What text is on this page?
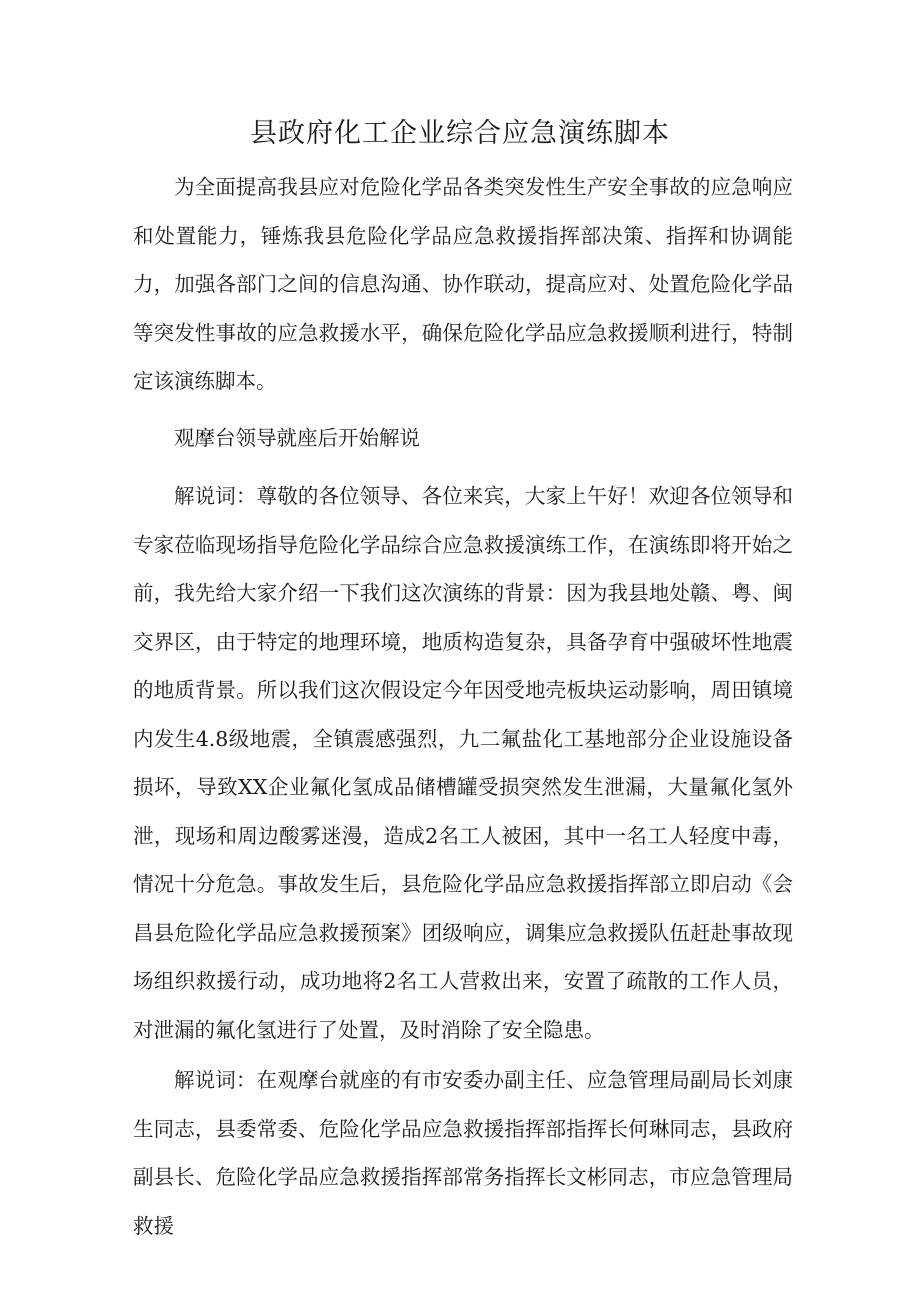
县政府化工企业综合应急演练脚本

为全面提高我县应对危险化学品各类突发性生产安全事故的应急响应和处置能力，锤炼我县危险化学品应急救援指挥部决策、指挥和协调能力，加强各部门之间的信息沟通、协作联动，提高应对、处置危险化学品等突发性事故的应急救援水平，确保危险化学品应急救援顺利进行，特制定该演练脚本。

观摩台领导就座后开始解说

解说词：尊敬的各位领导、各位来宾，大家上午好！欢迎各位领导和专家莅临现场指导危险化学品综合应急救援演练工作，在演练即将开始之前，我先给大家介绍一下我们这次演练的背景：因为我县地处赣、粤、闽交界区，由于特定的地理环境，地质构造复杂，具备孕育中强破坏性地震的地质背景。所以我们这次假设定今年因受地壳板块运动影响，周田镇境内发生4.8级地震，全镇震感强烈，九二氟盐化工基地部分企业设施设备损坏，导致XX企业氟化氢成品储槽罐受损突然发生泄漏，大量氟化氢外泄，现场和周边酸雾迷漫，造成2名工人被困，其中一名工人轻度中毒，情况十分危急。事故发生后，县危险化学品应急救援指挥部立即启动《会昌县危险化学品应急救援预案》团级响应，调集应急救援队伍赶赴事故现场组织救援行动，成功地将2名工人营救出来，安置了疏散的工作人员，对泄漏的氟化氢进行了处置，及时消除了安全隐患。

解说词：在观摩台就座的有市安委办副主任、应急管理局副局长刘康生同志，县委常委、危险化学品应急救援指挥部指挥长何琳同志，县政府副县长、危险化学品应急救援指挥部常务指挥长文彬同志，市应急管理局救援
